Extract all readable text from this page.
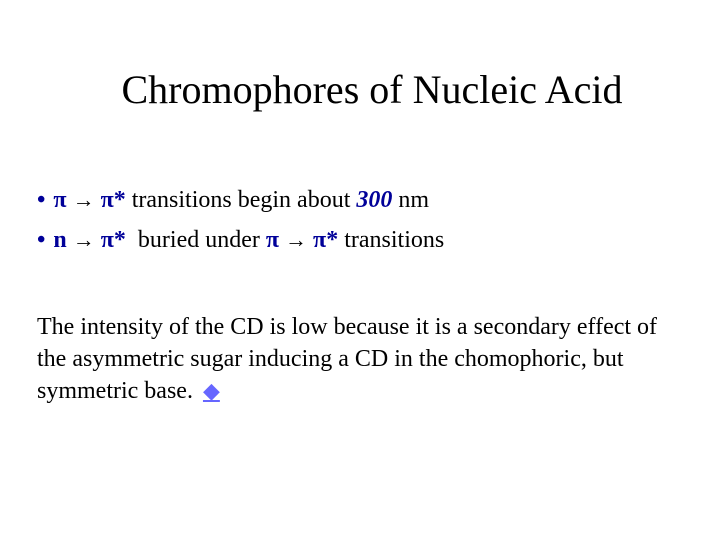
Chromophores of Nucleic Acid
• π → π* transitions begin about 300 nm
• n → π*  buried under π → π* transitions

The intensity of the CD is low because it is a secondary effect of the asymmetric sugar inducing a CD in the chomophoric, but symmetric base. ◆
